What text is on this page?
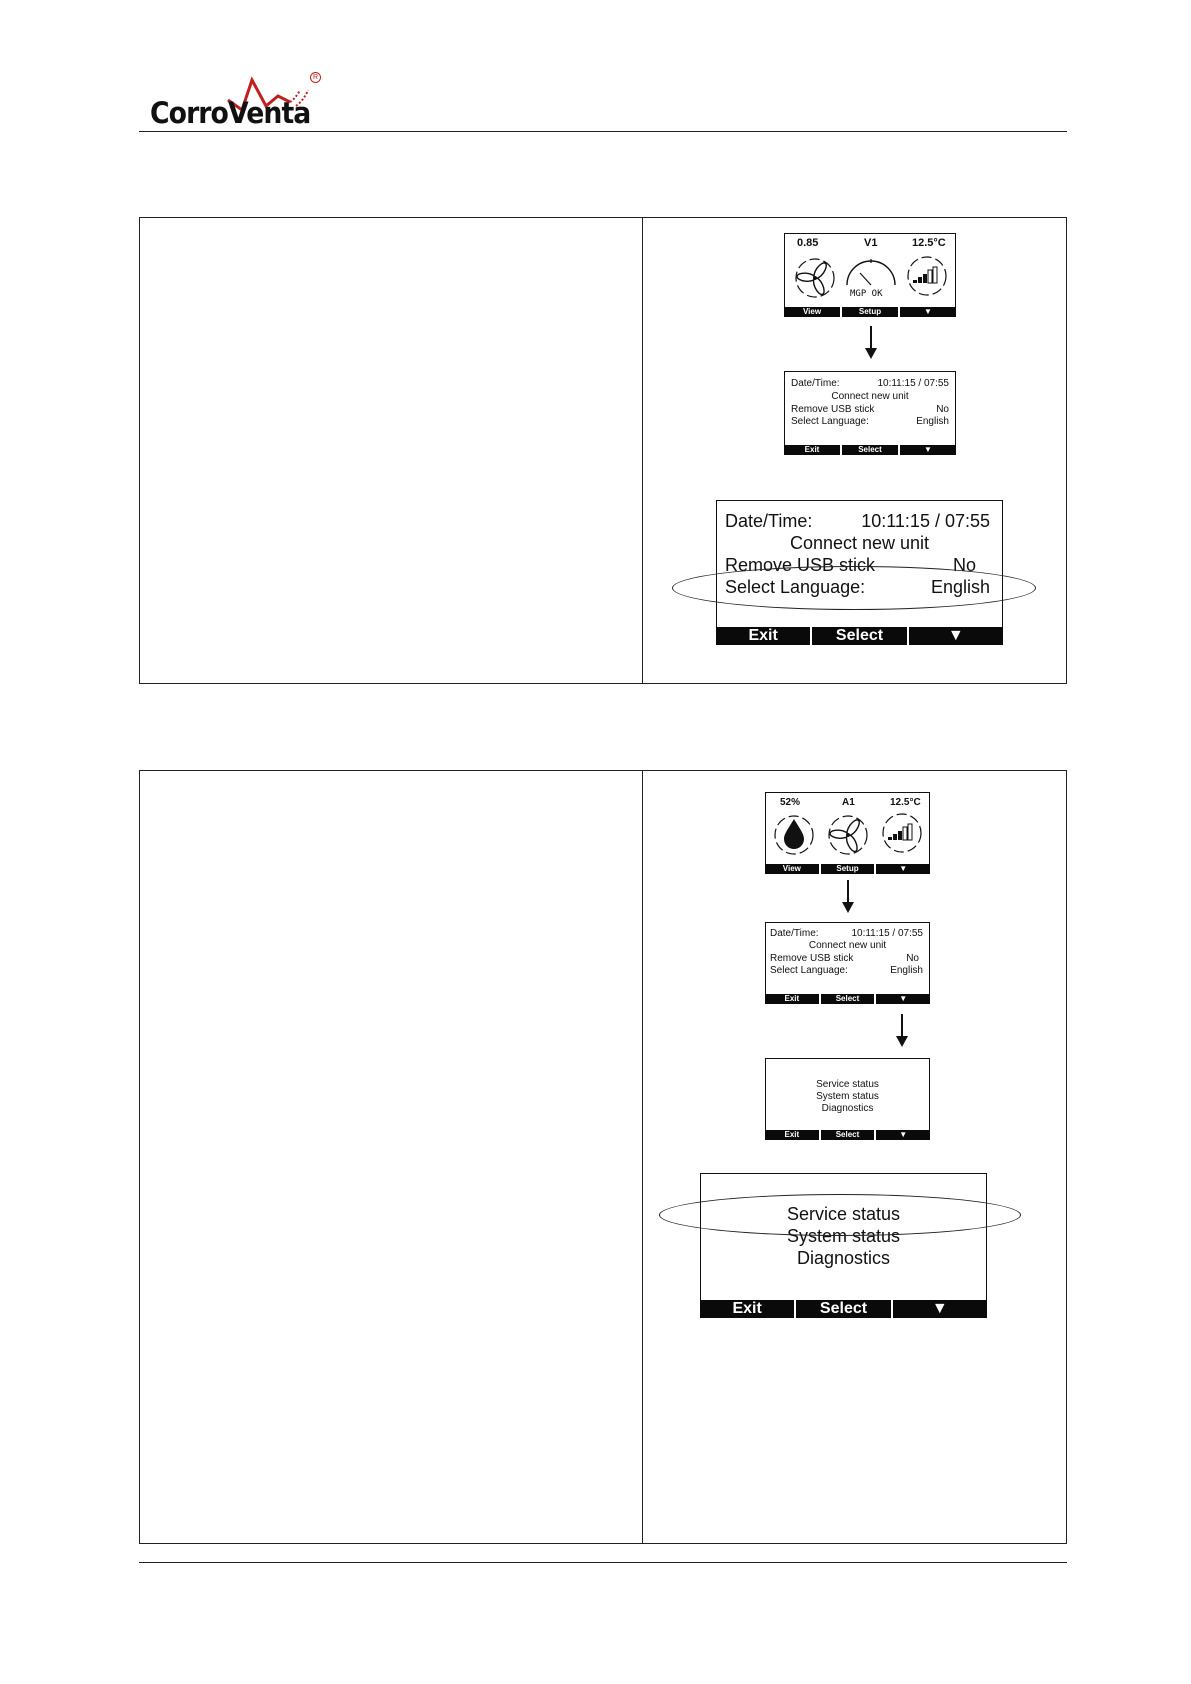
CorroVenta
R
0.85	V1	12.5°C
MGP OK
View	Setup	▼
Date/Time:	10:11:15 / 07:55
Connect new unit
Remove USB stick	No
Select Language:	English
Exit	Select	▼
Date/Time:	10:11:15 / 07:55
Connect new unit
Remove USB stick	No
Select Language:	English
Exit	Select	▼
52%	A1	12.5°C
View	Setup	▼
Date/Time:	10:11:15 / 07:55
Connect new unit
Remove USB stick	No
Select Language:	English
Exit	Select	▼
Service status
System status
Diagnostics
Exit	Select	▼
Service status
System status
Diagnostics
Exit	Select	▼
